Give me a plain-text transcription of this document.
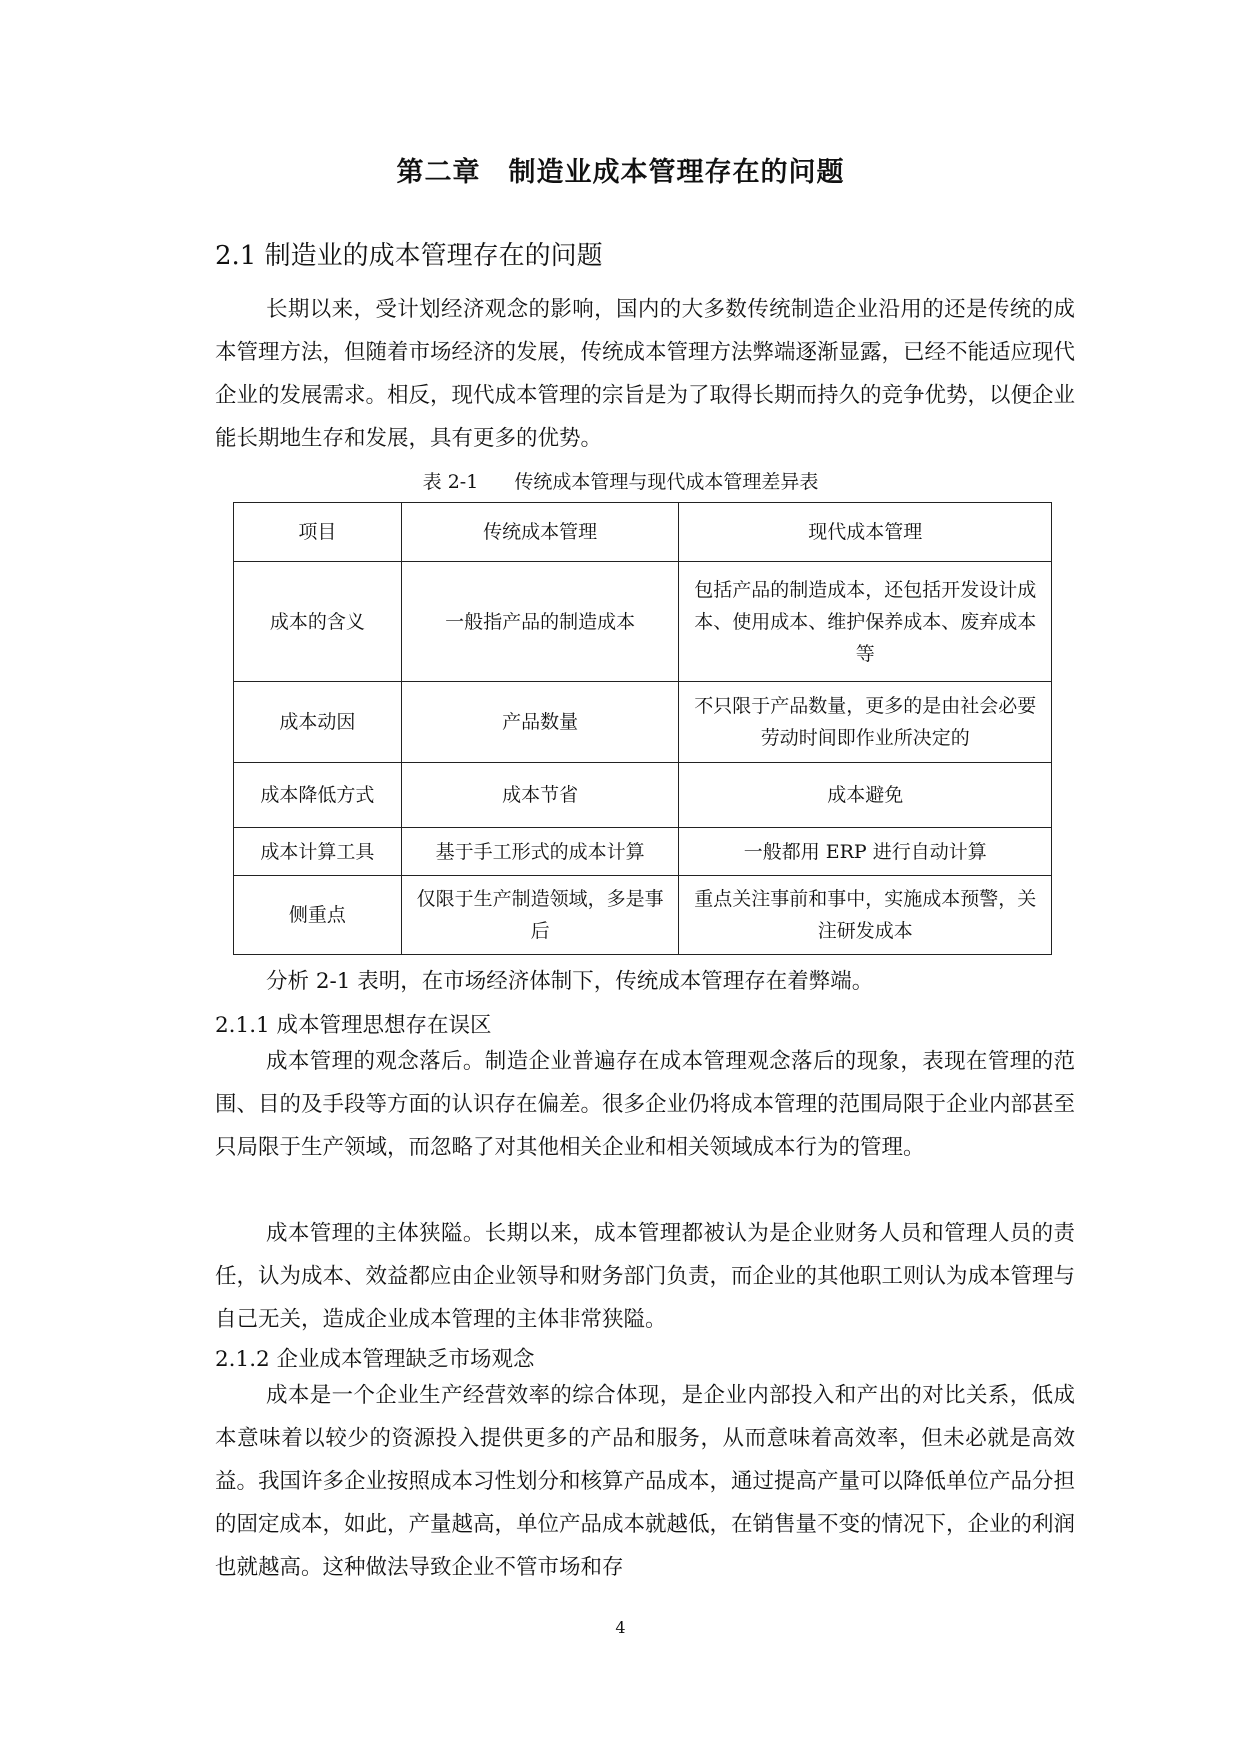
第二章　制造业成本管理存在的问题
2.1 制造业的成本管理存在的问题

长期以来，受计划经济观念的影响，国内的大多数传统制造企业沿用的还是传统的成本管理方法，但随着市场经济的发展，传统成本管理方法弊端逐渐显露，已经不能适应现代企业的发展需求。相反，现代成本管理的宗旨是为了取得长期而持久的竞争优势，以便企业能长期地生存和发展，具有更多的优势。

表 2-1 传统成本管理与现代成本管理差异表
项目	传统成本管理	现代成本管理
成本的含义	一般指产品的制造成本	包括产品的制造成本，还包括开发设计成本、使用成本、维护保养成本、废弃成本等
成本动因	产品数量	不只限于产品数量，更多的是由社会必要劳动时间即作业所决定的
成本降低方式	成本节省	成本避免
成本计算工具	基于手工形式的成本计算	一般都用 ERP 进行自动计算
侧重点	仅限于生产制造领域，多是事后	重点关注事前和事中，实施成本预警，关注研发成本

分析 2-1 表明，在市场经济体制下，传统成本管理存在着弊端。

2.1.1 成本管理思想存在误区

成本管理的观念落后。制造企业普遍存在成本管理观念落后的现象，表现在管理的范围、目的及手段等方面的认识存在偏差。很多企业仍将成本管理的范围局限于企业内部甚至只局限于生产领域，而忽略了对其他相关企业和相关领域成本行为的管理。

成本管理的主体狭隘。长期以来，成本管理都被认为是企业财务人员和管理人员的责任，认为成本、效益都应由企业领导和财务部门负责，而企业的其他职工则认为成本管理与自己无关，造成企业成本管理的主体非常狭隘。

2.1.2 企业成本管理缺乏市场观念

成本是一个企业生产经营效率的综合体现，是企业内部投入和产出的对比关系，低成本意味着以较少的资源投入提供更多的产品和服务，从而意味着高效率，但未必就是高效益。我国许多企业按照成本习性划分和核算产品成本，通过提高产量可以降低单位产品分担的固定成本，如此，产量越高，单位产品成本就越低，在销售量不变的情况下，企业的利润也就越高。这种做法导致企业不管市场和存

4
